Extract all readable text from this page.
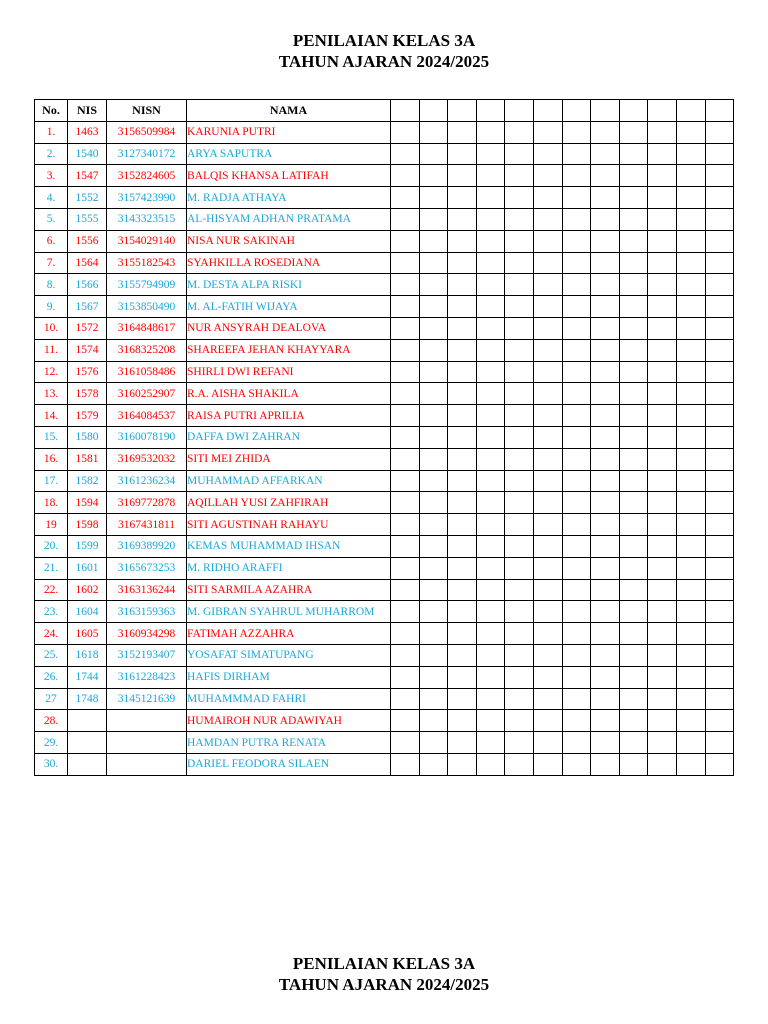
PENILAIAN KELAS 3A
TAHUN AJARAN 2024/2025
No.	NIS	NISN	NAMA												
1.	1463	3156509984	KARUNIA PUTRI												
2.	1540	3127340172	ARYA SAPUTRA												
3.	1547	3152824605	BALQIS KHANSA LATIFAH												
4.	1552	3157423990	M. RADJA ATHAYA												
5.	1555	3143323515	AL-HISYAM ADHAN PRATAMA												
6.	1556	3154029140	NISA NUR SAKINAH												
7.	1564	3155182543	SYAHKILLA ROSEDIANA												
8.	1566	3155794909	M. DESTA ALPA RISKI												
9.	1567	3153850490	M. AL-FATIH WIJAYA												
10.	1572	3164848617	NUR ANSYRAH DEALOVA												
11.	1574	3168325208	SHAREEFA JEHAN KHAYYARA												
12.	1576	3161058486	SHIRLI DWI REFANI												
13.	1578	3160252907	R.A. AISHA SHAKILA												
14.	1579	3164084537	RAISA PUTRI APRILIA												
15.	1580	3160078190	DAFFA DWI ZAHRAN												
16.	1581	3169532032	SITI MEI ZHIDA												
17.	1582	3161236234	MUHAMMAD AFFARKAN												
18.	1594	3169772878	AQILLAH YUSI ZAHFIRAH												
19	1598	3167431811	SITI AGUSTINAH RAHAYU												
20.	1599	3169389920	KEMAS MUHAMMAD IHSAN												
21.	1601	3165673253	M. RIDHO ARAFFI												
22.	1602	3163136244	SITI SARMILA AZAHRA												
23.	1604	3163159363	M. GIBRAN SYAHRUL MUHARROM												
24.	1605	3160934298	FATIMAH AZZAHRA												
25.	1618	3152193407	YOSAFAT SIMATUPANG												
26.	1744	3161228423	HAFIS DIRHAM												
27	1748	3145121639	MUHAMMMAD FAHRI												
28.			HUMAIROH NUR ADAWIYAH												
29.			HAMDAN PUTRA RENATA												
30.			DARIEL FEODORA SILAEN												
PENILAIAN KELAS 3A
TAHUN AJARAN 2024/2025
